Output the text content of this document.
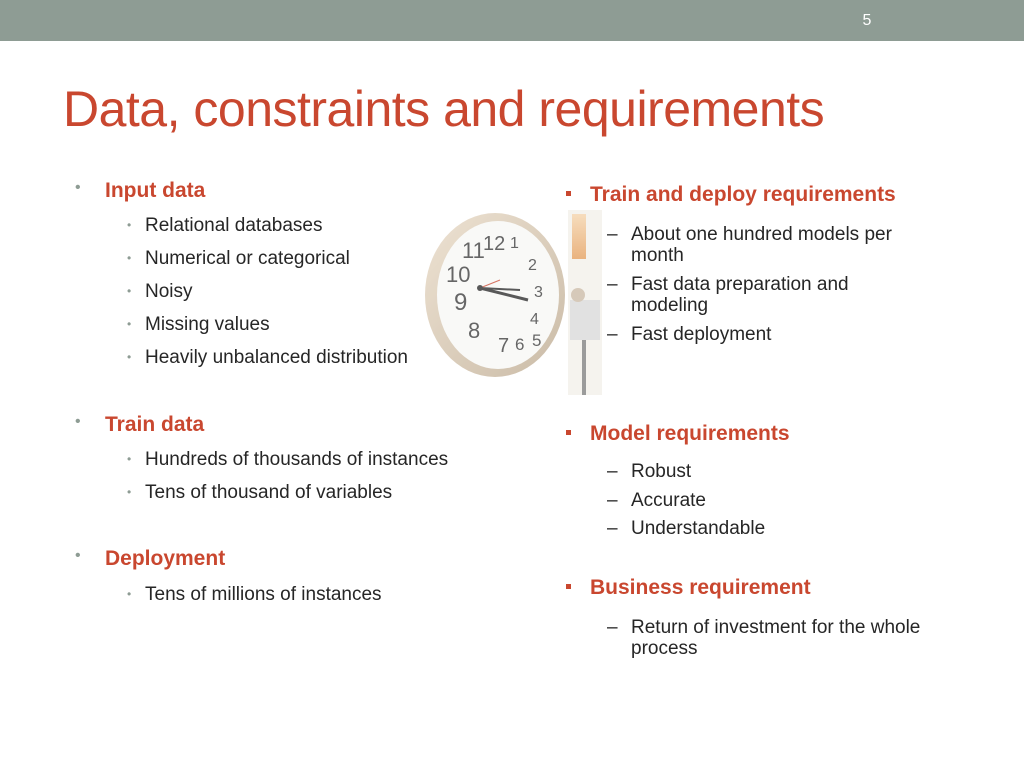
5
Data, constraints and requirements
12 1
2
3
4
5
6
7
8
9
10
11
• Input data
• Relational databases
• Numerical or categorical
• Noisy
• Missing values
• Heavily unbalanced distribution
• Train data
• Hundreds of thousands of instances
• Tens of thousand of variables
• Deployment
• Tens of millions of instances
Train and deploy requirements
– About one hundred models per
month
– Fast data preparation and
modeling
– Fast deployment
Model requirements
– Robust
– Accurate
– Understandable
Business requirement
– Return of investment for the whole
process
